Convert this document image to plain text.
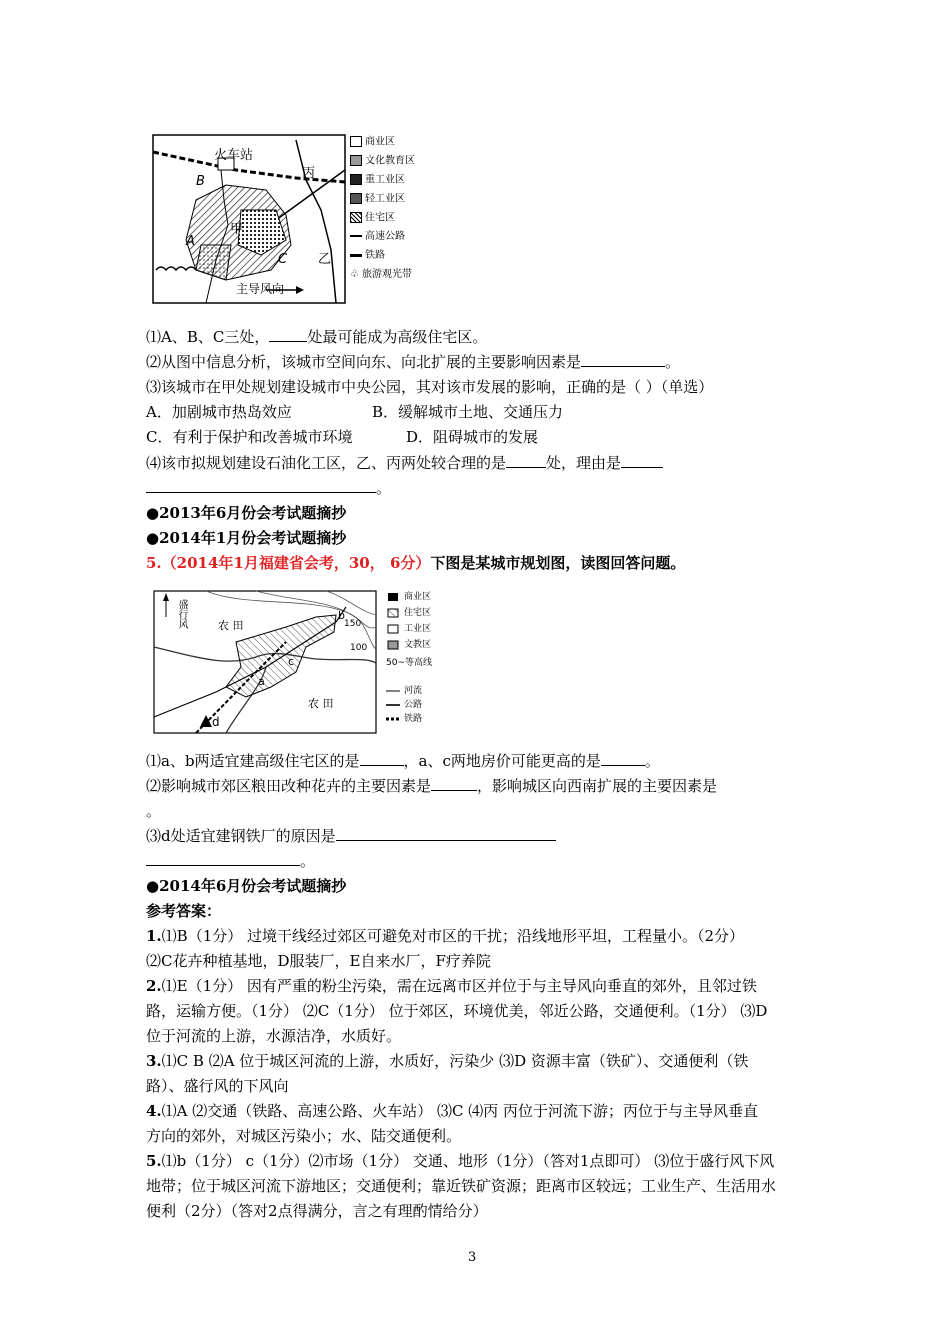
火车站
丙
乙
甲
A
B
C
主导风向
商业区
文化教育区
重工业区
轻工业区
住宅区
高速公路
铁路
♧ 旅游观光带
⑴A、B、C三处，	处最可能成为高级住宅区。
⑵从图中信息分析，该城市空间向东、向北扩展的主要影响因素是	。
⑶该城市在甲处规划建设城市中央公园，其对该市发展的影响，正确的是（ ）（单选）
A．加剧城市热岛效应	B．缓解城市土地、交通压力
C．有利于保护和改善城市环境	D．阻碍城市的发展
⑷该市拟规划建设石油化工区，乙、丙两处较合理的是	处，理由是
。
●2013年6月份会考试题摘抄
●2014年1月份会考试题摘抄
5.（2014年1月福建省会考，30， 6分）下图是某城市规划图，读图回答问题。
盛行风	农 田
农 田
a
b
c
d
150
100
商业区
住宅区
工业区
文教区
50~等高线
河流
公路
铁路
⑴a、b两适宜建高级住宅区的是	，a、c两地房价可能更高的是	。
⑵影响城市郊区粮田改种花卉的主要因素是	，影响城区向西南扩展的主要因素是
。
⑶d处适宜建钢铁厂的原因是
。
●2014年6月份会考试题摘抄
参考答案：
1.⑴B（1分） 过境干线经过郊区可避免对市区的干扰；沿线地形平坦，工程量小。（2分）
⑵C花卉种植基地，D服装厂，E自来水厂，F疗养院
2.⑴E（1分） 因有严重的粉尘污染，需在远离市区并位于与主导风向垂直的郊外，且邻过铁
路，运输方便。（1分） ⑵C（1分） 位于郊区，环境优美，邻近公路，交通便利。（1分） ⑶D
位于河流的上游，水源洁净，水质好。
3.⑴C B ⑵A 位于城区河流的上游，水质好，污染少 ⑶D 资源丰富（铁矿）、交通便利（铁
路）、盛行风的下风向
4.⑴A ⑵交通（铁路、高速公路、火车站） ⑶C ⑷丙 丙位于河流下游；丙位于与主导风垂直
方向的郊外，对城区污染小；水、陆交通便利。
5.⑴b（1分） c（1分）⑵市场（1分） 交通、地形（1分）（答对1点即可） ⑶位于盛行风下风
地带；位于城区河流下游地区；交通便利；靠近铁矿资源；距离市区较远；工业生产、生活用水
便利（2分）（答对2点得满分，言之有理酌情给分）
3
